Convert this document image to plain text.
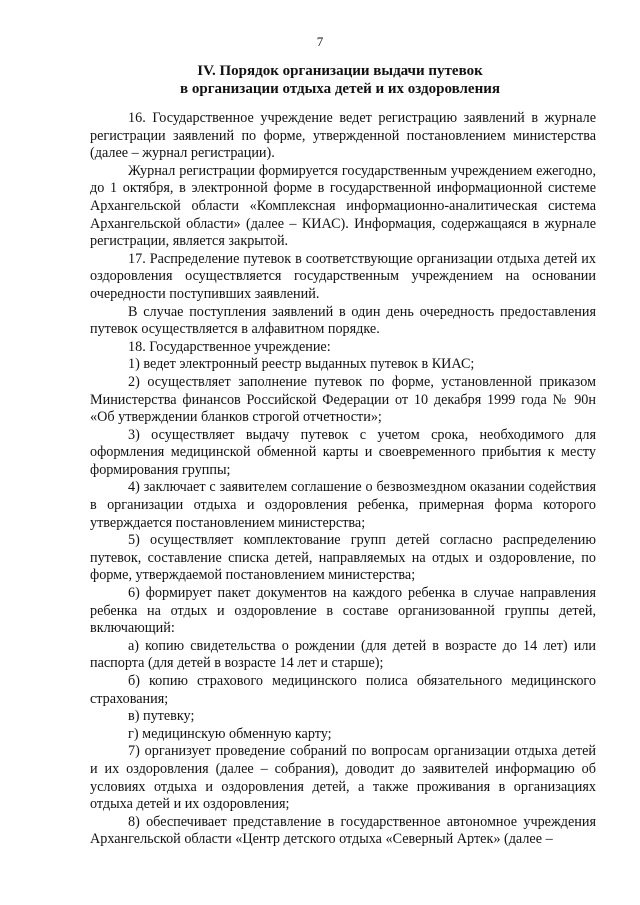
7
IV. Порядок организации выдачи путевок
в организации отдыха детей и их оздоровления

16. Государственное учреждение ведет регистрацию заявлений в журнале регистрации заявлений по форме, утвержденной постановлением министерства (далее – журнал регистрации).

Журнал регистрации формируется государственным учреждением ежегодно, до 1 октября, в электронной форме в государственной информационной системе Архангельской области «Комплексная информационно-аналитическая система Архангельской области» (далее – КИАС). Информация, содержащаяся в журнале регистрации, является закрытой.

17. Распределение путевок в соответствующие организации отдыха детей их оздоровления осуществляется государственным учреждением на основании очередности поступивших заявлений.

В случае поступления заявлений в один день очередность предоставления путевок осуществляется в алфавитном порядке.

18. Государственное учреждение:

1) ведет электронный реестр выданных путевок в КИАС;

2) осуществляет заполнение путевок по форме, установленной приказом Министерства финансов Российской Федерации от 10 декабря 1999 года № 90н «Об утверждении бланков строгой отчетности»;

3) осуществляет выдачу путевок с учетом срока, необходимого для оформления медицинской обменной карты и своевременного прибытия к месту формирования группы;

4) заключает с заявителем соглашение о безвозмездном оказании содействия в организации отдыха и оздоровления ребенка, примерная форма которого утверждается постановлением министерства;

5) осуществляет комплектование групп детей согласно распределению путевок, составление списка детей, направляемых на отдых и оздоровление, по форме, утверждаемой постановлением министерства;

6) формирует пакет документов на каждого ребенка в случае направления ребенка на отдых и оздоровление в составе организованной группы детей, включающий:

а) копию свидетельства о рождении (для детей в возрасте до 14 лет) или паспорта (для детей в возрасте 14 лет и старше);

б) копию страхового медицинского полиса обязательного медицинского страхования;

в) путевку;

г) медицинскую обменную карту;

7) организует проведение собраний по вопросам организации отдыха детей и их оздоровления (далее – собрания), доводит до заявителей информацию об условиях отдыха и оздоровления детей, а также проживания в организациях отдыха детей и их оздоровления;

8) обеспечивает представление в государственное автономное учреждения Архангельской области «Центр детского отдыха «Северный Артек» (далее –
